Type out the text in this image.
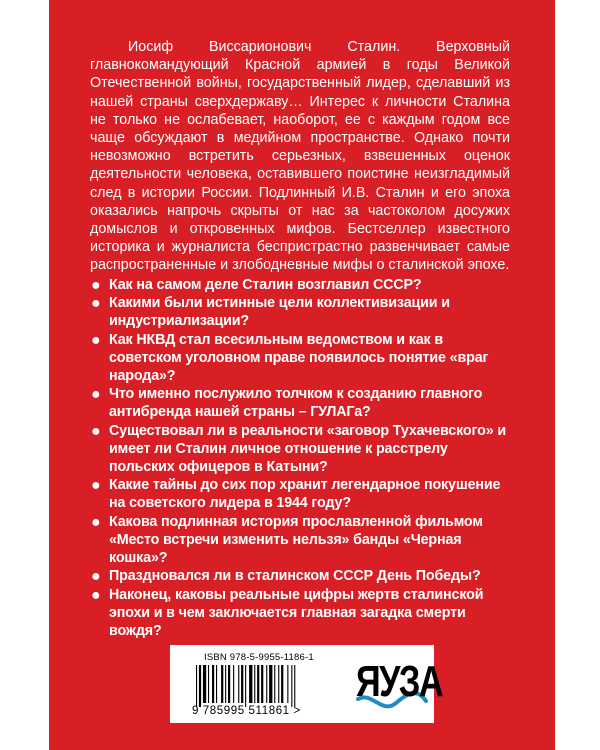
Иосиф Виссарионович Сталин. Верховный главнокомандующий Красной армией в годы Великой Отечественной войны, государственный лидер, сделавший из нашей страны сверхдержаву… Интерес к личности Сталина не только не ослабевает, наоборот, ее с каждым годом все чаще обсуждают в медийном пространстве. Однако почти невозможно встретить серьезных, взвешенных оценок деятельности человека, оставившего поистине неизгладимый след в истории России. Подлинный И.В. Сталин и его эпоха оказались напрочь скрыты от нас за частоколом досужих домыслов и откровенных мифов. Бестселлер известного историка и журналиста беспристрастно развенчивает самые распространенные и злободневные мифы о сталинской эпохе.

● Как на самом деле Сталин возглавил СССР?
● Какими были истинные цели коллективизации и индустриализации?
● Как НКВД стал всесильным ведомством и как в советском уголовном праве появилось понятие «враг народа»?
● Что именно послужило толчком к созданию главного антибренда нашей страны – ГУЛАГа?
● Существовал ли в реальности «заговор Тухачевского» и имеет ли Сталин личное отношение к расстрелу польских офицеров в Катыни?
● Какие тайны до сих пор хранит легендарное покушение на советского лидера в 1944 году?
● Какова подлинная история прославленной фильмом «Место встречи изменить нельзя» банды «Черная кошка»?
● Праздновался ли в сталинском СССР День Победы?
● Наконец, каковы реальные цифры жертв сталинской эпохи и в чем заключается главная загадка смерти вождя?
ISBN 978-5-9955-1186-1
9 785995 511861 >
ЯУЗА
